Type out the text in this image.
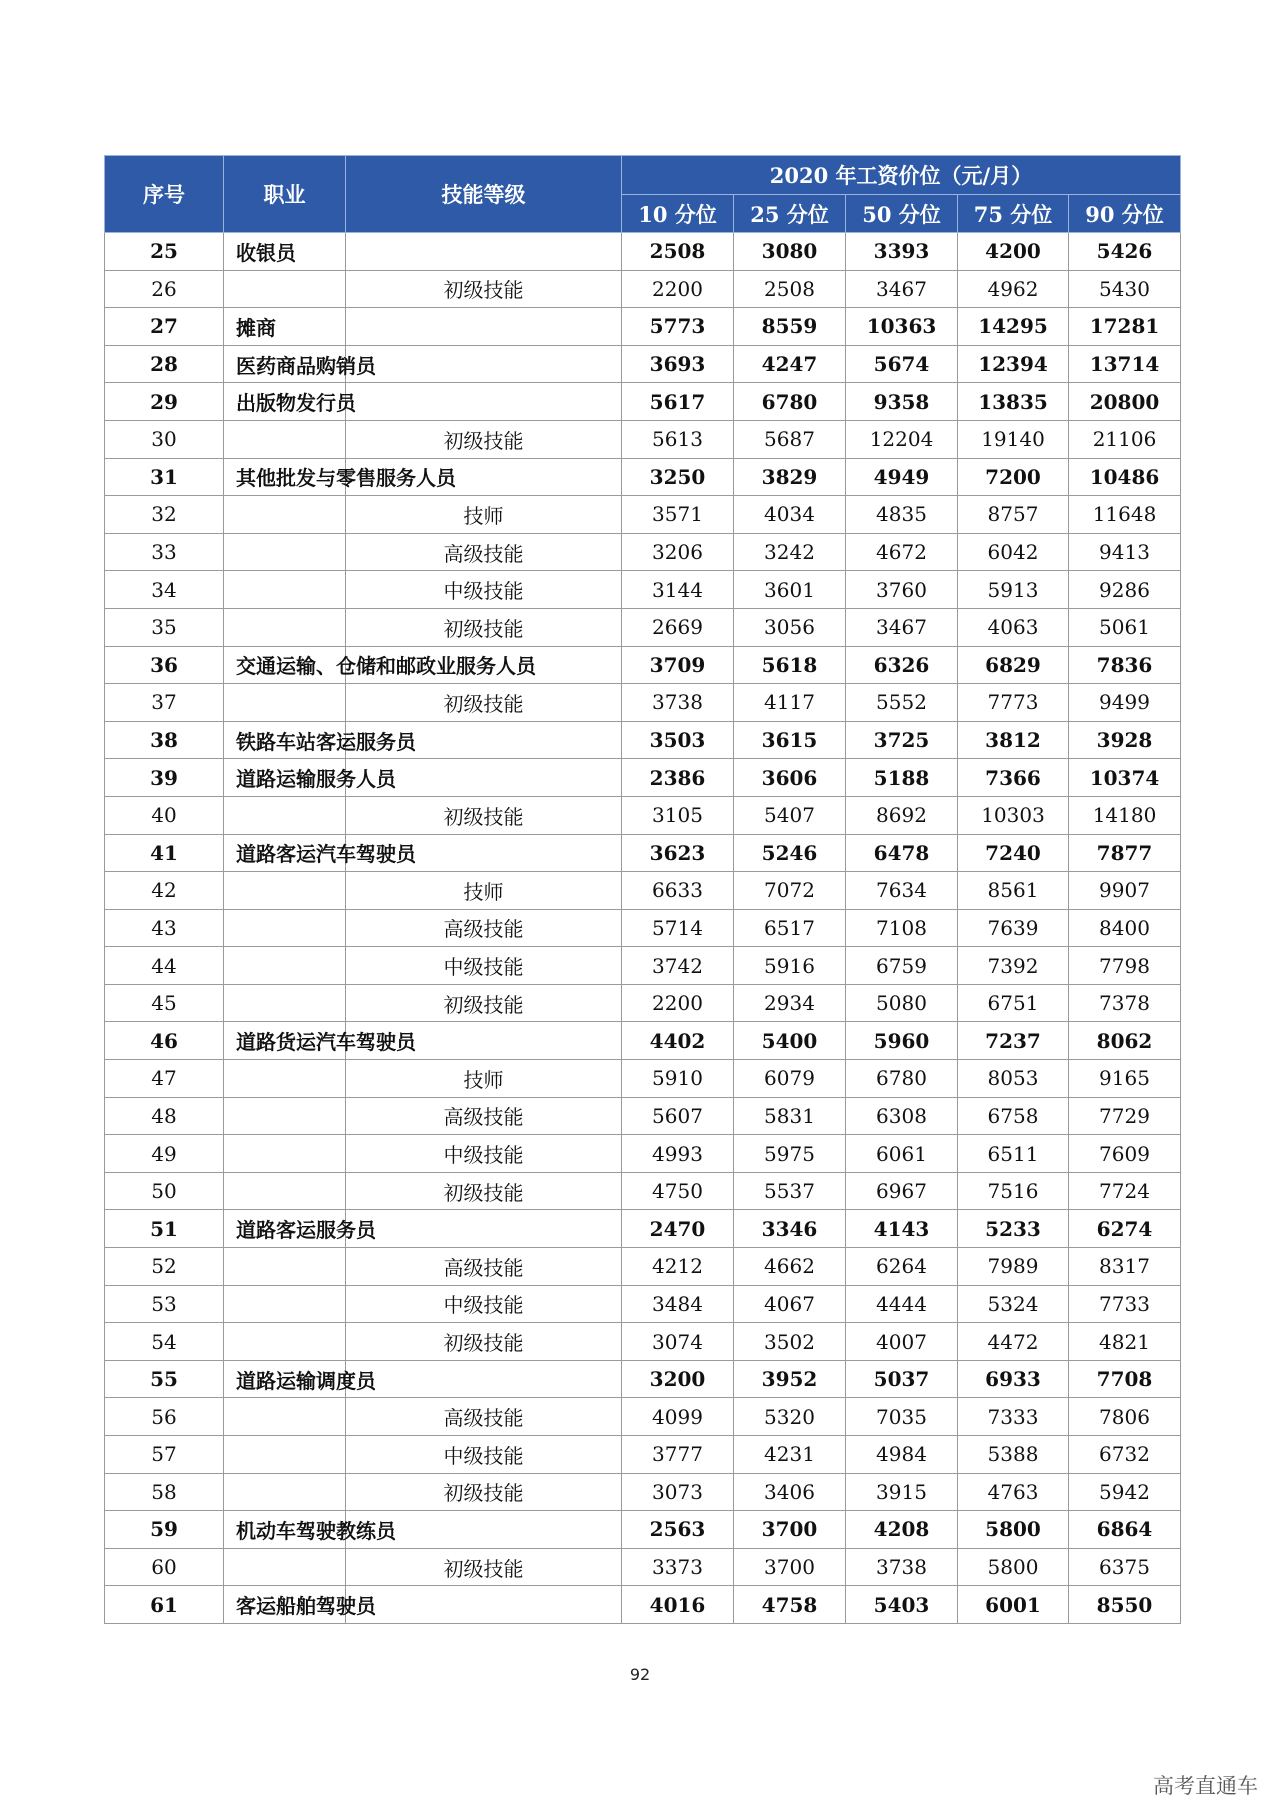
序号	职业	技能等级	2020 年工资价位（元/月）				
			10 分位	25 分位	50 分位	75 分位	90 分位
25	收银员		2508	3080	3393	4200	5426
26		初级技能	2200	2508	3467	4962	5430
27	摊商		5773	8559	10363	14295	17281
28	医药商品购销员		3693	4247	5674	12394	13714
29	出版物发行员		5617	6780	9358	13835	20800
30		初级技能	5613	5687	12204	19140	21106
31	其他批发与零售服务人员		3250	3829	4949	7200	10486
32		技师	3571	4034	4835	8757	11648
33		高级技能	3206	3242	4672	6042	9413
34		中级技能	3144	3601	3760	5913	9286
35		初级技能	2669	3056	3467	4063	5061
36	交通运输、仓储和邮政业服务人员		3709	5618	6326	6829	7836
37		初级技能	3738	4117	5552	7773	9499
38	铁路车站客运服务员		3503	3615	3725	3812	3928
39	道路运输服务人员		2386	3606	5188	7366	10374
40		初级技能	3105	5407	8692	10303	14180
41	道路客运汽车驾驶员		3623	5246	6478	7240	7877
42		技师	6633	7072	7634	8561	9907
43		高级技能	5714	6517	7108	7639	8400
44		中级技能	3742	5916	6759	7392	7798
45		初级技能	2200	2934	5080	6751	7378
46	道路货运汽车驾驶员		4402	5400	5960	7237	8062
47		技师	5910	6079	6780	8053	9165
48		高级技能	5607	5831	6308	6758	7729
49		中级技能	4993	5975	6061	6511	7609
50		初级技能	4750	5537	6967	7516	7724
51	道路客运服务员		2470	3346	4143	5233	6274
52		高级技能	4212	4662	6264	7989	8317
53		中级技能	3484	4067	4444	5324	7733
54		初级技能	3074	3502	4007	4472	4821
55	道路运输调度员		3200	3952	5037	6933	7708
56		高级技能	4099	5320	7035	7333	7806
57		中级技能	3777	4231	4984	5388	6732
58		初级技能	3073	3406	3915	4763	5942
59	机动车驾驶教练员		2563	3700	4208	5800	6864
60		初级技能	3373	3700	3738	5800	6375
61	客运船舶驾驶员		4016	4758	5403	6001	8550
92
高考直通车
